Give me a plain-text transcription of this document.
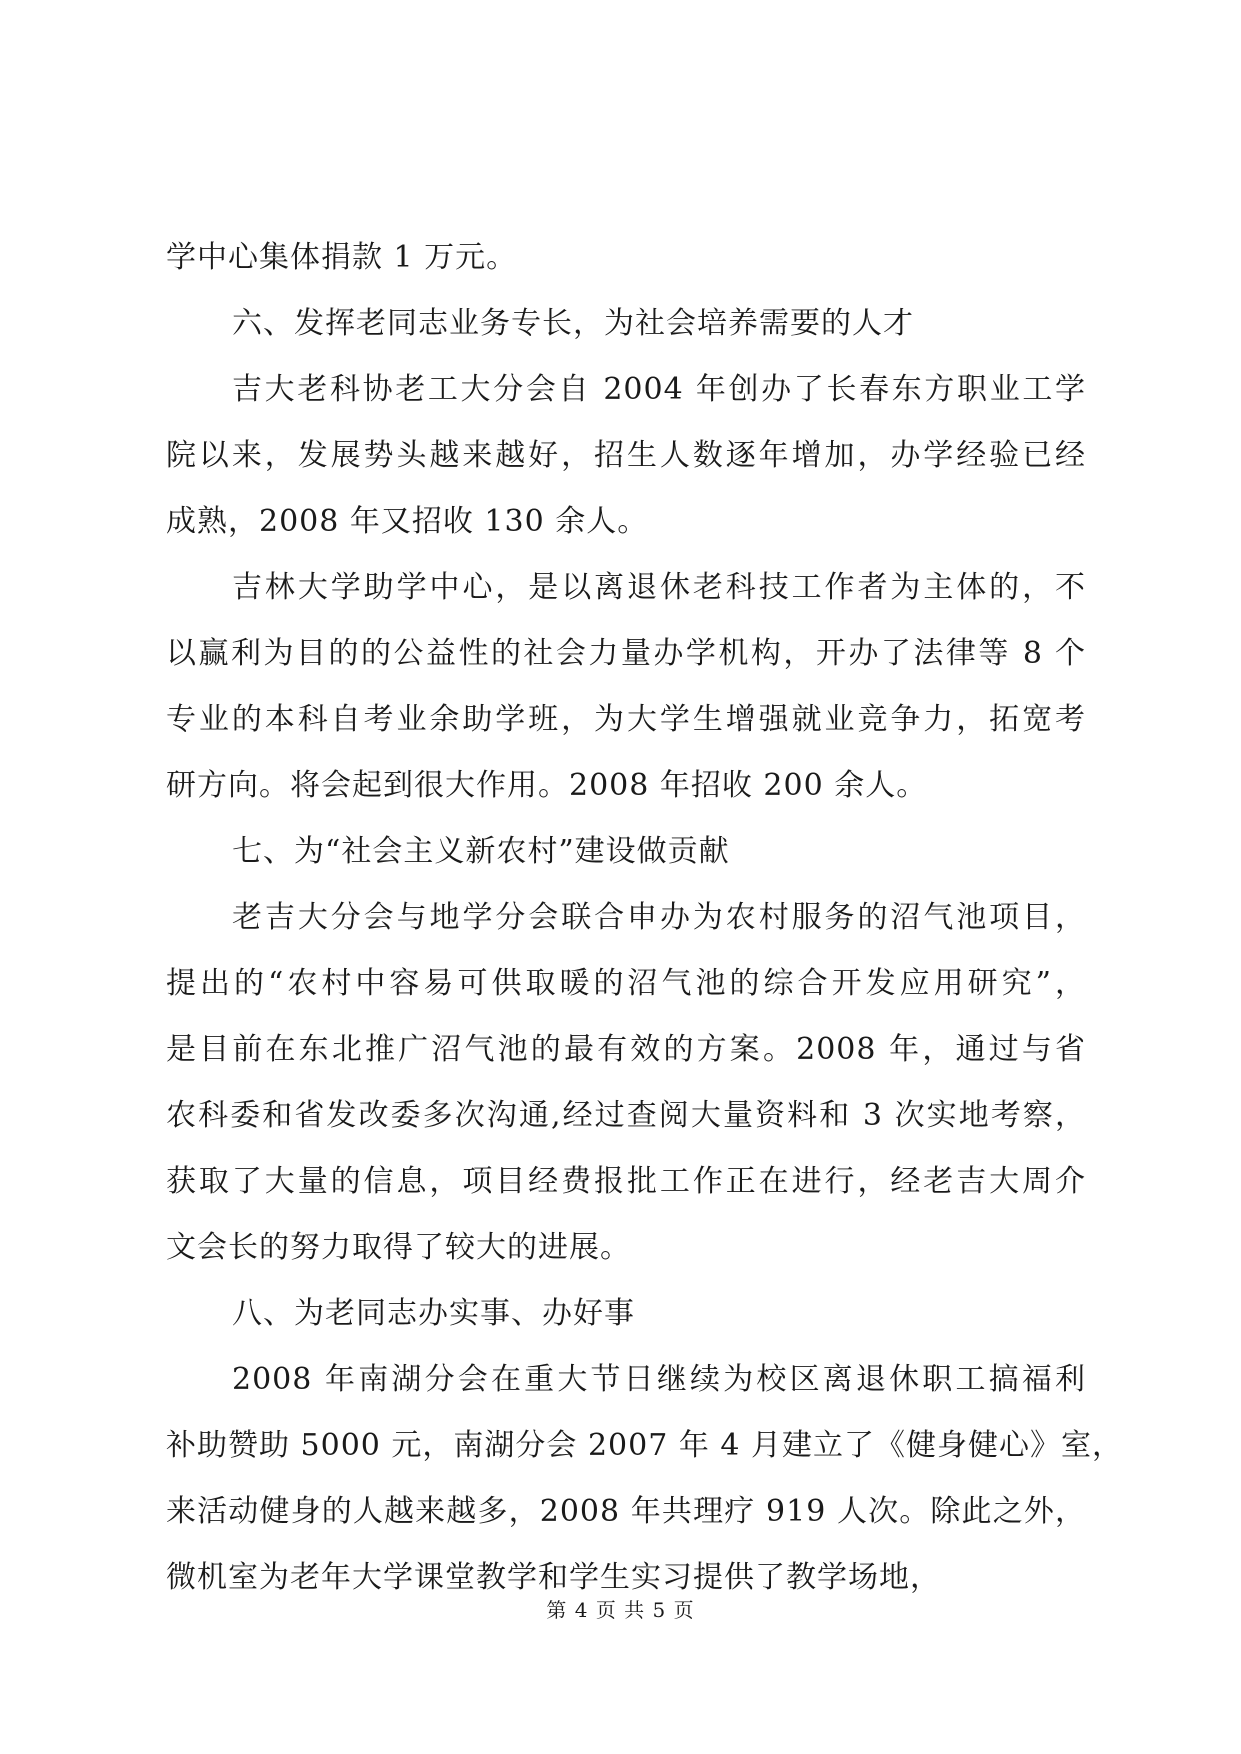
学中心集体捐款 1 万元。
六、发挥老同志业务专长，为社会培养需要的人才
吉大老科协老工大分会自 2004 年创办了长春东方职业工学
院以来，发展势头越来越好，招生人数逐年增加，办学经验已经
成熟，2008 年又招收 130 余人。
吉林大学助学中心，是以离退休老科技工作者为主体的，不
以赢利为目的的公益性的社会力量办学机构，开办了法律等 8 个
专业的本科自考业余助学班，为大学生增强就业竞争力，拓宽考
研方向。将会起到很大作用。2008 年招收 200 余人。
七、为“社会主义新农村”建设做贡献
老吉大分会与地学分会联合申办为农村服务的沼气池项目，
提出的“农村中容易可供取暖的沼气池的综合开发应用研究”，
是目前在东北推广沼气池的最有效的方案。2008 年，通过与省
农科委和省发改委多次沟通,经过查阅大量资料和 3 次实地考察，
获取了大量的信息，项目经费报批工作正在进行，经老吉大周介
文会长的努力取得了较大的进展。
八、为老同志办实事、办好事
2008 年南湖分会在重大节日继续为校区离退休职工搞福利
补助赞助 5000 元，南湖分会 2007 年 4 月建立了《健身健心》室，
来活动健身的人越来越多，2008 年共理疗 919 人次。除此之外，
微机室为老年大学课堂教学和学生实习提供了教学场地，
第 4 页 共 5 页
